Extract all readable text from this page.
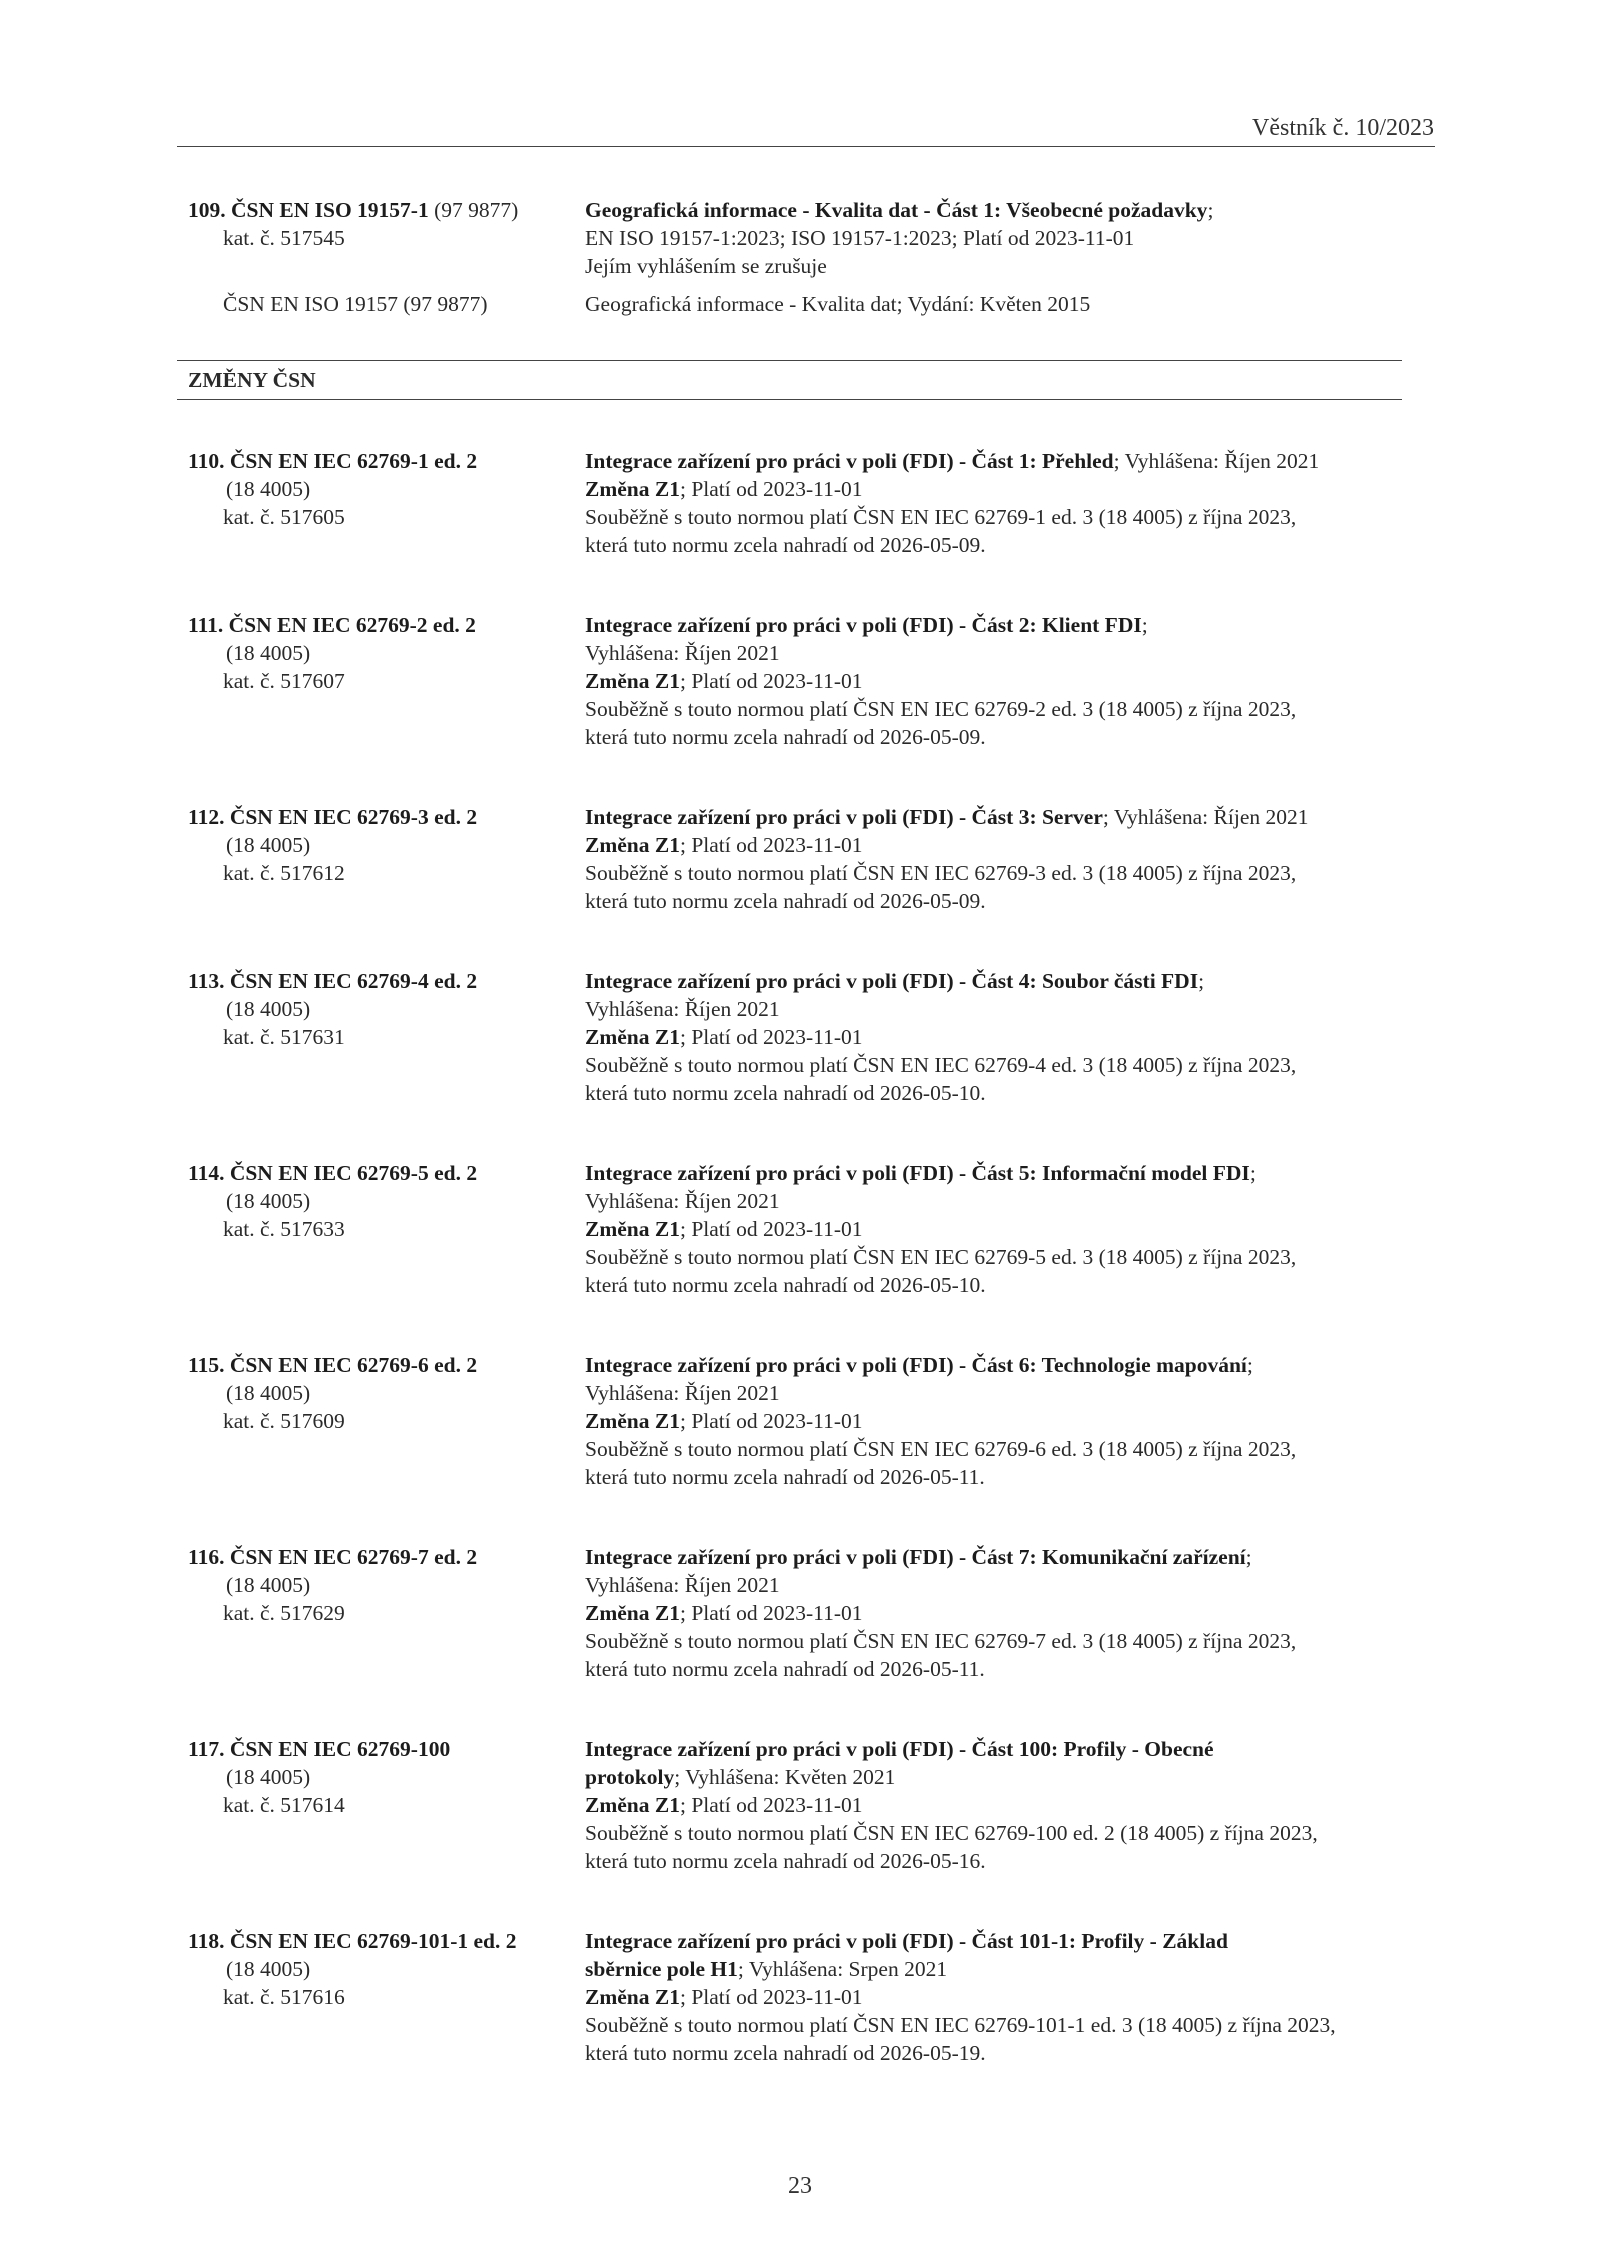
Věstník č. 10/2023
109. ČSN EN ISO 19157-1 (97 9877)
kat. č. 517545
Geografická informace - Kvalita dat - Část 1: Všeobecné požadavky;
EN ISO 19157-1:2023; ISO 19157-1:2023; Platí od 2023-11-01
Jejím vyhlášením se zrušuje
ČSN EN ISO 19157 (97 9877)	Geografická informace - Kvalita dat; Vydání: Květen 2015
ZMĚNY ČSN
110. ČSN EN IEC 62769-1 ed. 2
(18 4005)
kat. č. 517605
Integrace zařízení pro práci v poli (FDI) - Část 1: Přehled; Vyhlášena: Říjen 2021
Změna Z1; Platí od 2023-11-01
Souběžně s touto normou platí ČSN EN IEC 62769-1 ed. 3 (18 4005) z října 2023,
která tuto normu zcela nahradí od 2026-05-09.
111. ČSN EN IEC 62769-2 ed. 2
(18 4005)
kat. č. 517607
Integrace zařízení pro práci v poli (FDI) - Část 2: Klient FDI;
Vyhlášena: Říjen 2021
Změna Z1; Platí od 2023-11-01
Souběžně s touto normou platí ČSN EN IEC 62769-2 ed. 3 (18 4005) z října 2023,
která tuto normu zcela nahradí od 2026-05-09.
112. ČSN EN IEC 62769-3 ed. 2
(18 4005)
kat. č. 517612
Integrace zařízení pro práci v poli (FDI) - Část 3: Server; Vyhlášena: Říjen 2021
Změna Z1; Platí od 2023-11-01
Souběžně s touto normou platí ČSN EN IEC 62769-3 ed. 3 (18 4005) z října 2023,
která tuto normu zcela nahradí od 2026-05-09.
113. ČSN EN IEC 62769-4 ed. 2
(18 4005)
kat. č. 517631
Integrace zařízení pro práci v poli (FDI) - Část 4: Soubor části FDI;
Vyhlášena: Říjen 2021
Změna Z1; Platí od 2023-11-01
Souběžně s touto normou platí ČSN EN IEC 62769-4 ed. 3 (18 4005) z října 2023,
která tuto normu zcela nahradí od 2026-05-10.
114. ČSN EN IEC 62769-5 ed. 2
(18 4005)
kat. č. 517633
Integrace zařízení pro práci v poli (FDI) - Část 5: Informační model FDI;
Vyhlášena: Říjen 2021
Změna Z1; Platí od 2023-11-01
Souběžně s touto normou platí ČSN EN IEC 62769-5 ed. 3 (18 4005) z října 2023,
která tuto normu zcela nahradí od 2026-05-10.
115. ČSN EN IEC 62769-6 ed. 2
(18 4005)
kat. č. 517609
Integrace zařízení pro práci v poli (FDI) - Část 6: Technologie mapování;
Vyhlášena: Říjen 2021
Změna Z1; Platí od 2023-11-01
Souběžně s touto normou platí ČSN EN IEC 62769-6 ed. 3 (18 4005) z října 2023,
která tuto normu zcela nahradí od 2026-05-11.
116. ČSN EN IEC 62769-7 ed. 2
(18 4005)
kat. č. 517629
Integrace zařízení pro práci v poli (FDI) - Část 7: Komunikační zařízení;
Vyhlášena: Říjen 2021
Změna Z1; Platí od 2023-11-01
Souběžně s touto normou platí ČSN EN IEC 62769-7 ed. 3 (18 4005) z října 2023,
která tuto normu zcela nahradí od 2026-05-11.
117. ČSN EN IEC 62769-100
(18 4005)
kat. č. 517614
Integrace zařízení pro práci v poli (FDI) - Část 100: Profily - Obecné
protokoly; Vyhlášena: Květen 2021
Změna Z1; Platí od 2023-11-01
Souběžně s touto normou platí ČSN EN IEC 62769-100 ed. 2 (18 4005) z října 2023,
která tuto normu zcela nahradí od 2026-05-16.
118. ČSN EN IEC 62769-101-1 ed. 2
(18 4005)
kat. č. 517616
Integrace zařízení pro práci v poli (FDI) - Část 101-1: Profily - Základ
sběrnice pole H1; Vyhlášena: Srpen 2021
Změna Z1; Platí od 2023-11-01
Souběžně s touto normou platí ČSN EN IEC 62769-101-1 ed. 3 (18 4005) z října 2023,
která tuto normu zcela nahradí od 2026-05-19.
23
